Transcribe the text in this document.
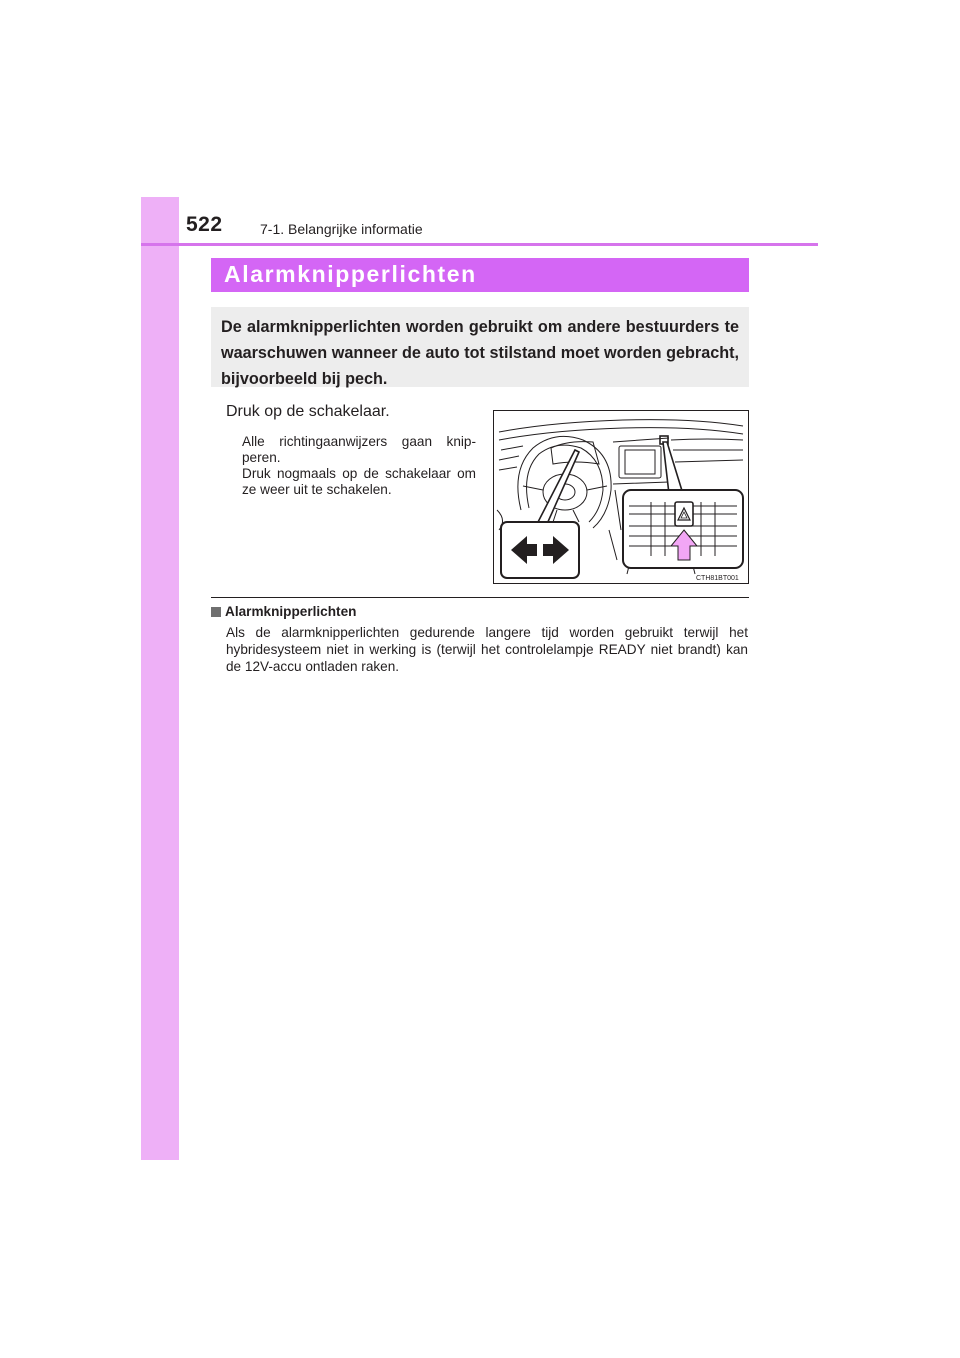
522	7-1. Belangrijke informatie
Alarmknipperlichten
De alarmknipperlichten worden gebruikt om andere bestuurders te waarschuwen wanneer de auto tot stilstand moet worden gebracht, bijvoorbeeld bij pech.
Druk op de schakelaar.
Alle richtingaanwijzers gaan knip-peren.
Druk nogmaals op de schakelaar om ze weer uit te schakelen.
CTH81BT001
Alarmknipperlichten
Als de alarmknipperlichten gedurende langere tijd worden gebruikt terwijl het hybridesysteem niet in werking is (terwijl het controlelampje READY niet brandt) kan de 12V-accu ontladen raken.
